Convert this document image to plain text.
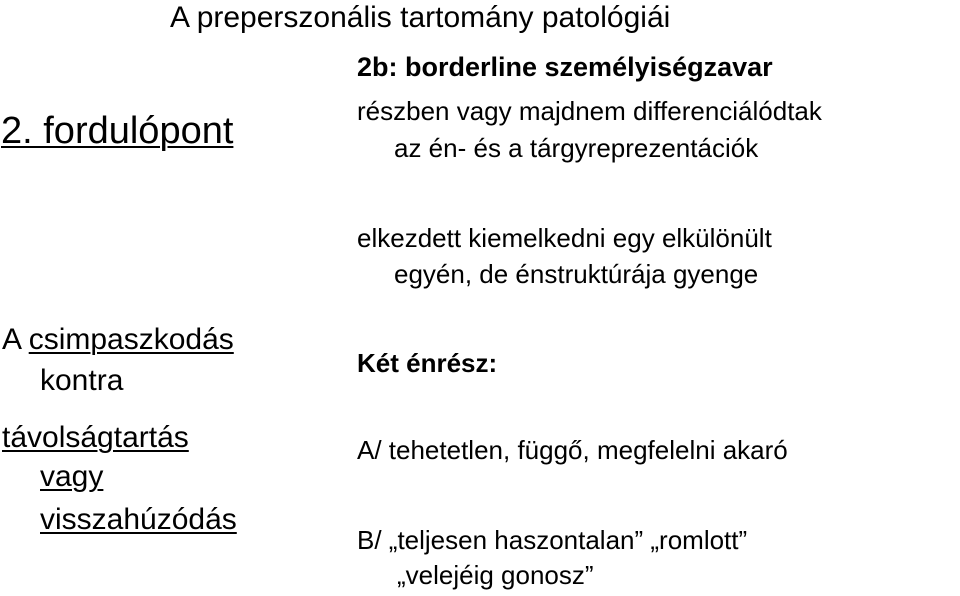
A preperszonális tartomány patológiái
2. fordulópont
2b: borderline személyiségzavar
részben vagy majdnem differenciálódtak
az én- és a tárgyreprezentációk
elkezdett kiemelkedni egy elkülönült
egyén, de énstruktúrája gyenge
Két énrész:
A/ tehetetlen, függő, megfelelni akaró
B/ „teljesen haszontalan” „romlott”
„velejéig gonosz”
A csimpaszkodás
kontra
távolságtartás
vagy
visszahúzódás
